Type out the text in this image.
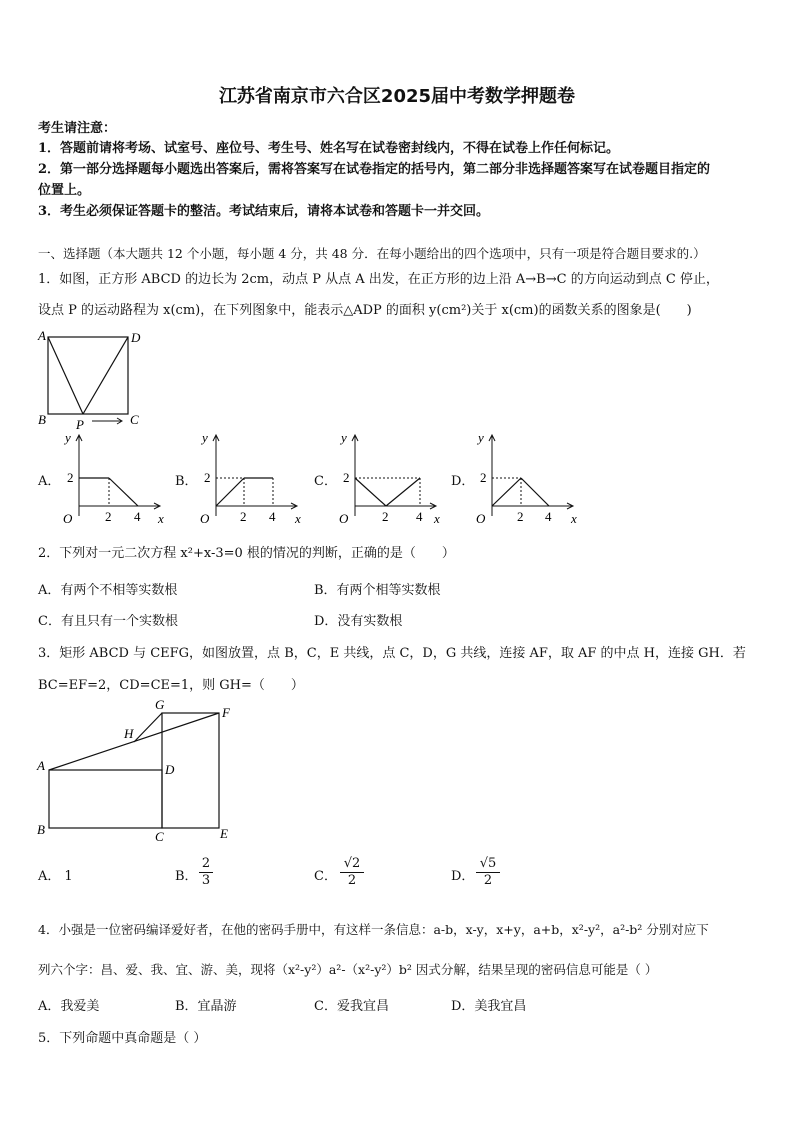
江苏省南京市六合区2025届中考数学押题卷
考生请注意：
1．答题前请将考场、试室号、座位号、考生号、姓名写在试卷密封线内，不得在试卷上作任何标记。
2．第一部分选择题每小题选出答案后，需将答案写在试卷指定的括号内，第二部分非选择题答案写在试卷题目指定的
位置上。
3．考生必须保证答题卡的整洁。考试结束后，请将本试卷和答题卡一并交回。
一、选择题（本大题共 12 个小题，每小题 4 分，共 48 分．在每小题给出的四个选项中，只有一项是符合题目要求的.）
1．如图，正方形 ABCD 的边长为 2cm，动点 P 从点 A 出发，在正方形的边上沿 A→B→C 的方向运动到点 C 停止，
设点 P 的运动路程为 x(cm)，在下列图象中，能表示△ADP 的面积 y(cm²)关于 x(cm)的函数关系的图象是(　　)
A	D
B	C
P
A．
y
2
O	2 4 x
B．
y
2
O 2 4 x
C．
y
2
O	2 4 x
D．
y
2
O 2 4 x
2．下列对一元二次方程 x²+x-3=0 根的情况的判断，正确的是（　　）
A．有两个不相等实数根	B．有两个相等实数根
C．有且只有一个实数根	D．没有实数根
3．矩形 ABCD 与 CEFG，如图放置，点 B，C，E 共线，点 C，D，G 共线，连接 AF，取 AF 的中点 H，连接 GH．若
BC=EF=2，CD=CE=1，则 GH=（　　）
G
F
H
A	D
B	C	E
A． 1	B．
2
3	C．
√2
2	D．
√5
2
4．小强是一位密码编译爱好者，在他的密码手册中，有这样一条信息：a-b，x-y，x+y，a+b，x²-y²，a²-b² 分别对应下
列六个字：昌、爱、我、宜、游、美，现将（x²-y²）a²-（x²-y²）b² 因式分解，结果呈现的密码信息可能是（ ）
A．我爱美	B．宜晶游	C．爱我宜昌	D．美我宜昌
5．下列命题中真命题是（ ）
